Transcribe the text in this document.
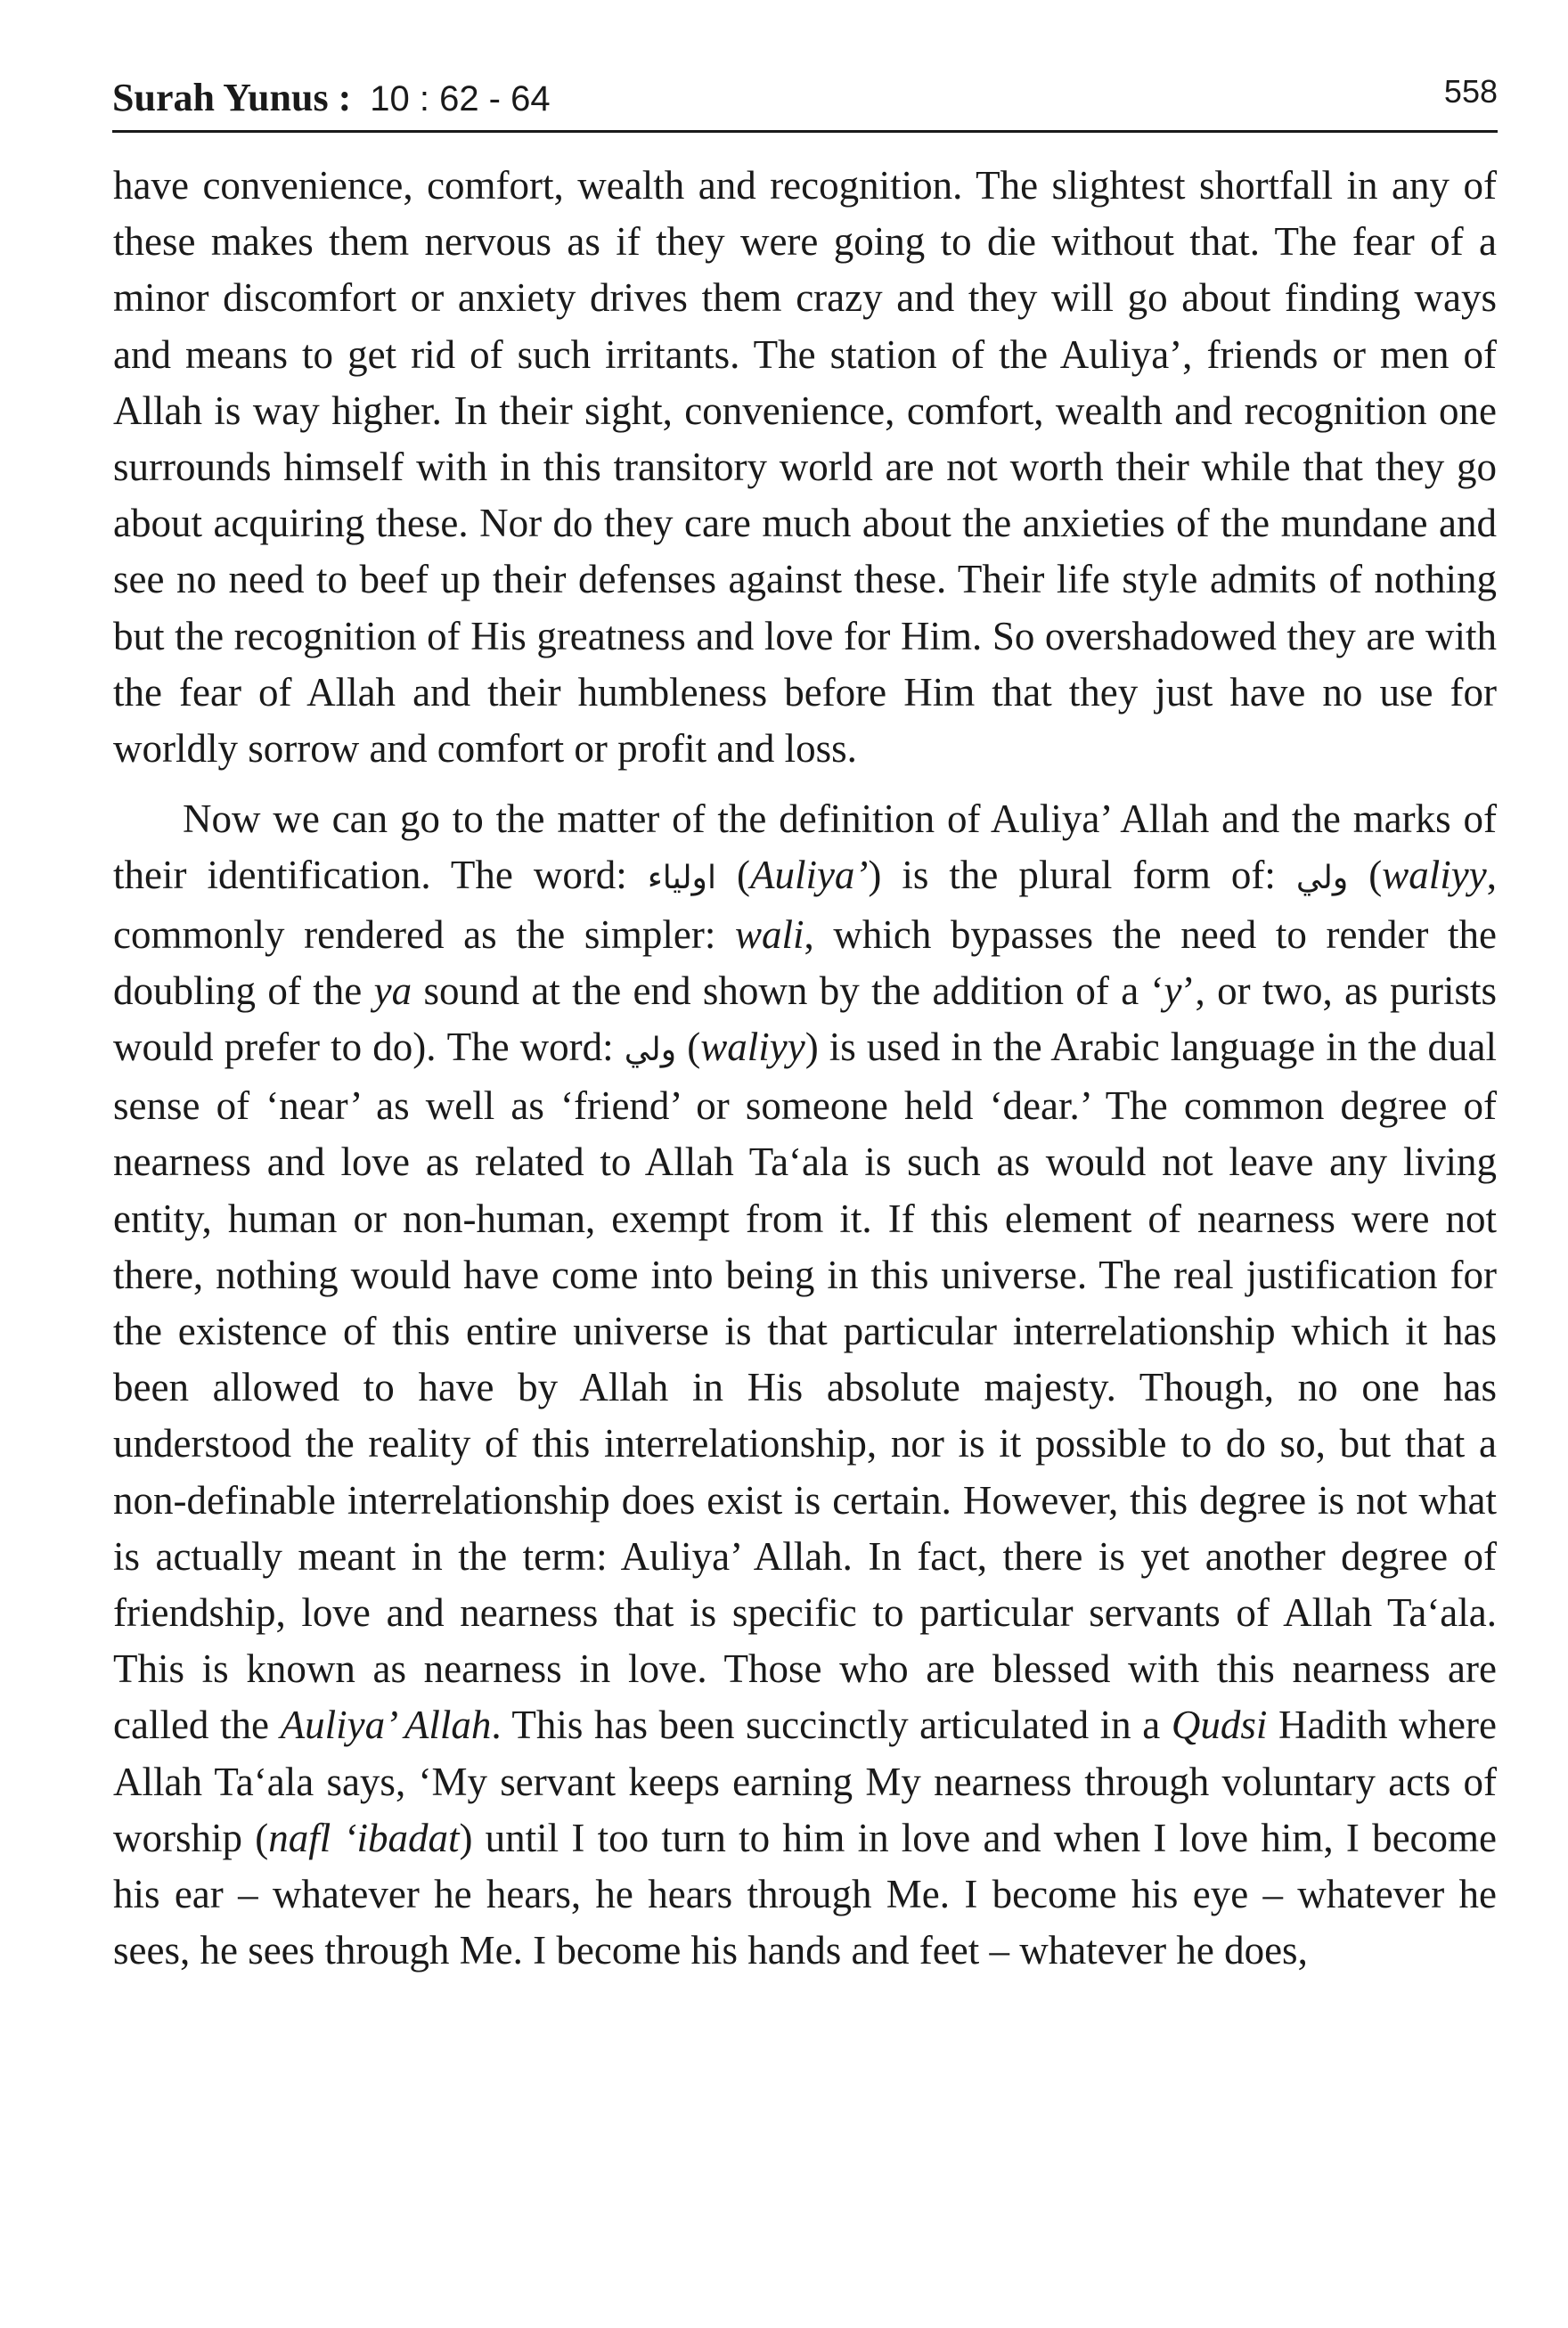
Surah Yunus : 10 : 62 - 64	558

have convenience, comfort, wealth and recognition. The slightest shortfall in any of these makes them nervous as if they were going to die without that. The fear of a minor discomfort or anxiety drives them crazy and they will go about finding ways and means to get rid of such irritants. The station of the Auliya’, friends or men of Allah is way higher. In their sight, convenience, comfort, wealth and recognition one surrounds himself with in this transitory world are not worth their while that they go about acquiring these. Nor do they care much about the anxieties of the mundane and see no need to beef up their defenses against these. Their life style admits of nothing but the recognition of His greatness and love for Him. So overshadowed they are with the fear of Allah and their humbleness before Him that they just have no use for worldly sorrow and comfort or profit and loss.

Now we can go to the matter of the definition of Auliya’ Allah and the marks of their identification. The word: اولياء (Auliya’) is the plural form of: ولي (waliyy, commonly rendered as the simpler: wali, which bypasses the need to render the doubling of the ya sound at the end shown by the addition of a ‘y’, or two, as purists would prefer to do). The word: ولي (waliyy) is used in the Arabic language in the dual sense of ‘near’ as well as ‘friend’ or someone held ‘dear.’ The common degree of nearness and love as related to Allah Ta‘ala is such as would not leave any living entity, human or non-human, exempt from it. If this element of nearness were not there, nothing would have come into being in this universe. The real justification for the existence of this entire universe is that particular interrelationship which it has been allowed to have by Allah in His absolute majesty. Though, no one has understood the reality of this interrelationship, nor is it possible to do so, but that a non-definable interrelationship does exist is certain. However, this degree is not what is actually meant in the term: Auliya’ Allah. In fact, there is yet another degree of friendship, love and nearness that is specific to particular servants of Allah Ta‘ala. This is known as nearness in love. Those who are blessed with this nearness are called the Auliya’ Allah. This has been succinctly articulated in a Qudsi Hadith where Allah Ta‘ala says, ‘My servant keeps earning My nearness through voluntary acts of worship (nafl ‘ibadat) until I too turn to him in love and when I love him, I become his ear – whatever he hears, he hears through Me. I become his eye – whatever he sees, he sees through Me. I become his hands and feet – whatever he does,
